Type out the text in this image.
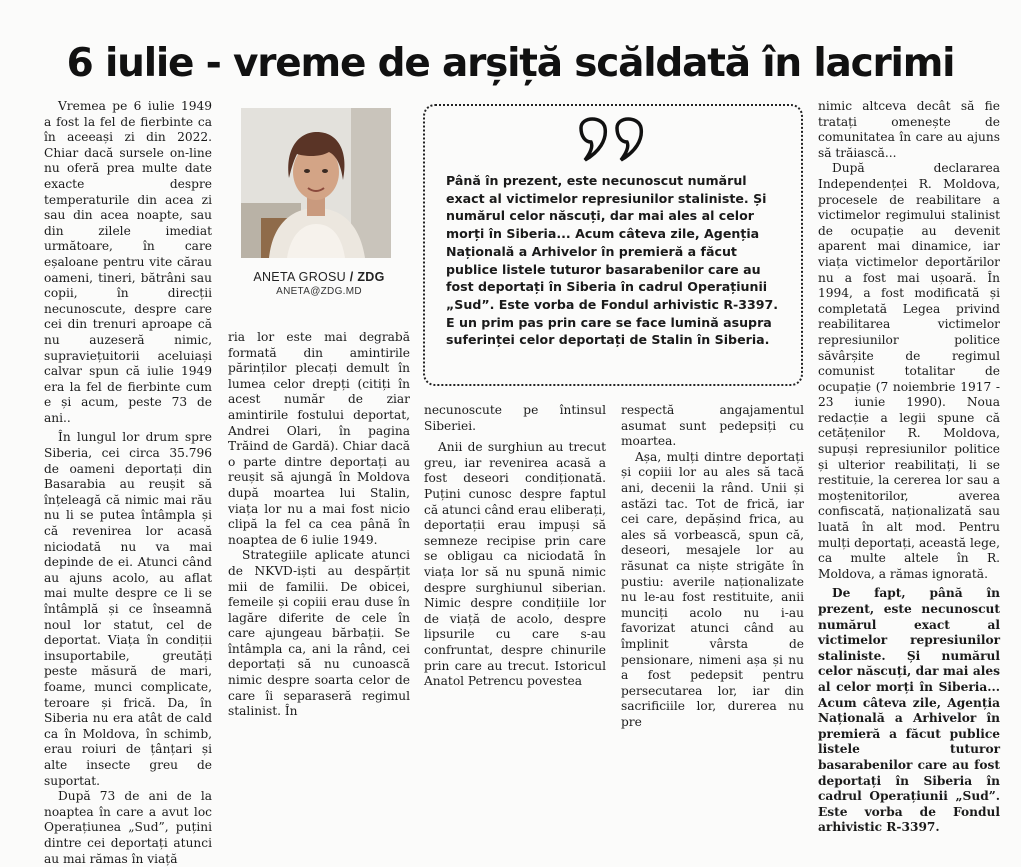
6 iulie - vreme de arșiță scăldată în lacrimi

Vremea pe 6 iulie 1949 a fost la fel de fierbinte ca în aceeași zi din 2022. Chiar dacă sursele on-line nu oferă prea multe date exacte despre temperaturile din acea zi sau din acea noapte, sau din zilele imediat următoare, în care eșaloane pentru vite cărau oameni, tineri, bătrâni sau copii, în direcții necunoscute, despre care cei din trenuri aproape că nu auzeseră nimic, supraviețuitorii aceluiași calvar spun că iulie 1949 era la fel de fierbinte cum e și acum, peste 73 de ani..

În lungul lor drum spre Siberia, cei circa 35.796 de oameni deportați din Basarabia au reușit să înțeleagă că nimic mai rău nu li se putea întâmpla și că revenirea lor acasă niciodată nu va mai depinde de ei. Atunci când au ajuns acolo, au aflat mai multe despre ce li se întâmplă și ce înseamnă noul lor statut, cel de deportat. Viața în condiții insuportabile, greutăți peste măsură de mari, foame, munci complicate, teroare și frică. Da, în Siberia nu era atât de cald ca în Moldova, în schimb, erau roiuri de țânțari și alte insecte greu de suportat.

După 73 de ani de la noaptea în care a avut loc Operațiunea „Sud”, puțini dintre cei deportați atunci au mai rămas în viață

ANETA GROSU / ZDG
ANETA@ZDG.MD

ria lor este mai degrabă formată din amintirile părinților plecați demult în lumea celor drepți (citiți în acest număr de ziar amintirile fostului deportat, Andrei Olari, în pagina Trăind de Gardă). Chiar dacă o parte dintre deportați au reușit să ajungă în Moldova după moartea lui Stalin, viața lor nu a mai fost nicio clipă la fel ca cea până în noaptea de 6 iulie 1949.

Strategiile aplicate atunci de NKVD-iști au despărțit mii de familii. De obicei, femeile și copiii erau duse în lagăre diferite de cele în care ajungeau bărbații. Se întâmpla ca, ani la rând, cei deportați să nu cunoască nimic despre soarta celor de care îi separaseră regimul stalinist. În

Până în prezent, este necunoscut numărul exact al victimelor represiunilor staliniste. Și numărul celor născuți, dar mai ales al celor morți în Siberia... Acum câteva zile, Agenția Națională a Arhivelor în premieră a făcut publice listele tuturor basarabenilor care au fost deportați în Siberia în cadrul Operațiunii „Sud”. Este vorba de Fondul arhivistic R-3397. E un prim pas prin care se face lumină asupra suferinței celor deportați de Stalin în Siberia.

necunoscute pe întinsul Siberiei.

Anii de surghiun au trecut greu, iar revenirea acasă a fost deseori condiționată. Puțini cunosc despre faptul că atunci când erau eliberați, deportații erau impuși să semneze recipise prin care se obligau ca niciodată în viața lor să nu spună nimic despre surghiunul siberian. Nimic despre condițiile lor de viață de acolo, despre lipsurile cu care s-au confruntat, despre chinurile prin care au trecut. Istoricul Anatol Petrencu povestea

respectă angajamentul asumat sunt pedepsiți cu moartea.

Așa, mulți dintre deportați și copiii lor au ales să tacă ani, decenii la rând. Unii și astăzi tac. Tot de frică, iar cei care, depășind frica, au ales să vorbească, spun că, deseori, mesajele lor au răsunat ca niște strigăte în pustiu: averile naționalizate nu le-au fost restituite, anii munciți acolo nu i-au favorizat atunci când au împlinit vârsta de pensionare, nimeni așa și nu a fost pedepsit pentru persecutarea lor, iar din sacrificiile lor, durerea nu pre

nimic altceva decât să fie tratați omenește de comunitatea în care au ajuns să trăiască...

După declararea Independenței R. Moldova, procesele de reabilitare a victimelor regimului stalinist de ocupație au devenit aparent mai dinamice, iar viața victimelor deportărilor nu a fost mai ușoară. În 1994, a fost modificată și completată Legea privind reabilitarea victimelor represiunilor politice săvârșite de regimul comunist totalitar de ocupație (7 noiembrie 1917 - 23 iunie 1990). Noua redacție a legii spune că cetățenilor R. Moldova, supuși represiunilor politice și ulterior reabilitați, li se restituie, la cererea lor sau a moștenitorilor, averea confiscată, naționalizată sau luată în alt mod. Pentru mulți deportați, această lege, ca multe altele în R. Moldova, a rămas ignorată.

De fapt, până în prezent, este necunoscut numărul exact al victimelor represiunilor staliniste. Și numărul celor născuți, dar mai ales al celor morți în Siberia... Acum câteva zile, Agenția Națională a Arhivelor în premieră a făcut publice listele tuturor basarabenilor care au fost deportați în Siberia în cadrul Operațiunii „Sud”. Este vorba de Fondul arhivistic R-3397.
